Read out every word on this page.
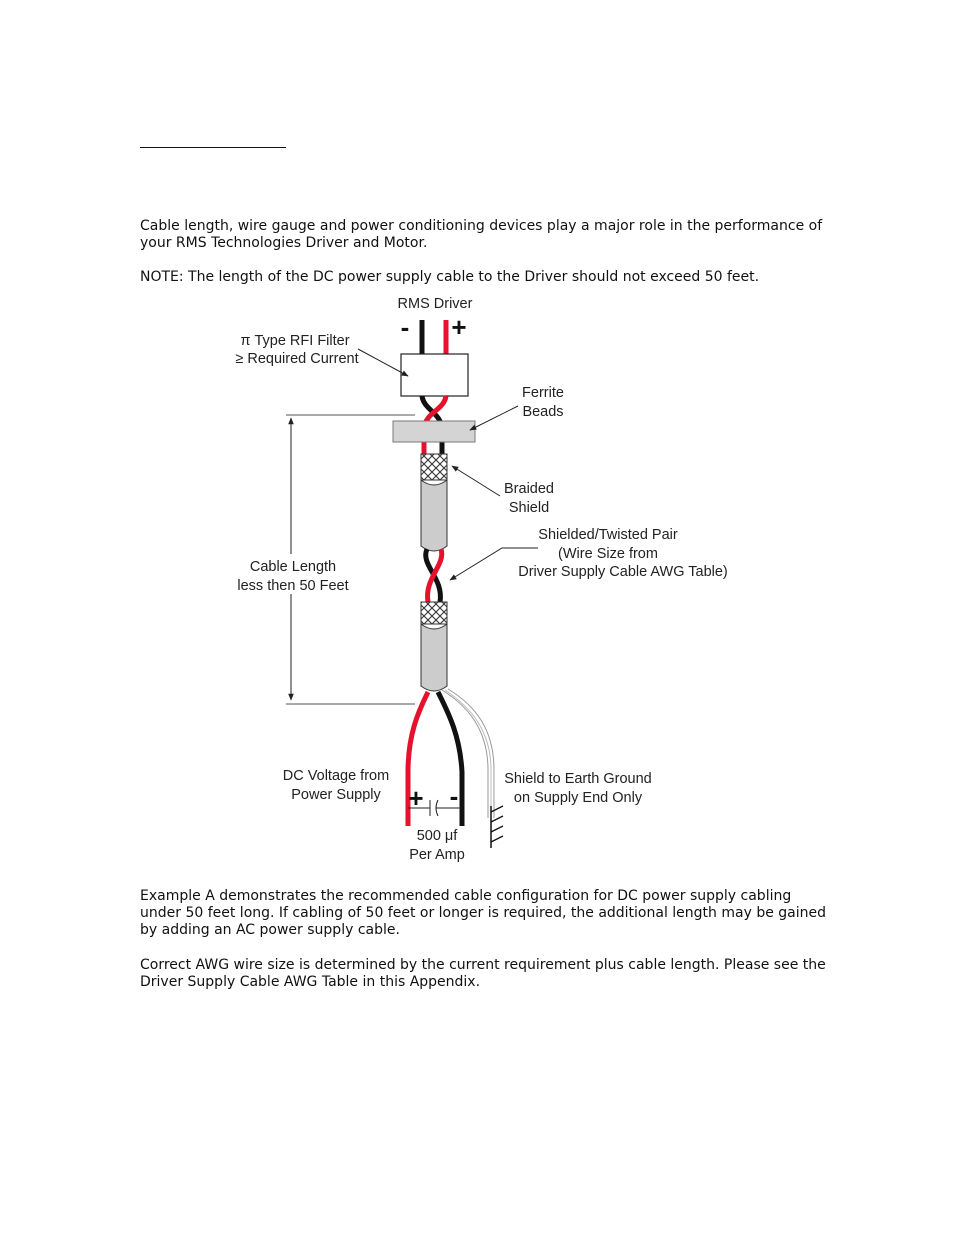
Cable length, wire gauge and power conditioning devices play a major role in the performance of your RMS Technologies Driver and Motor.

NOTE: The length of the DC power supply cable to the Driver should not exceed 50 feet.

RMS Driver
- +
π Type RFI Filter
≥ Required Current
Ferrite
Beads
Braided
Shield
Shielded/Twisted Pair
(Wire Size from
Driver Supply Cable AWG Table)
Cable Length
less then 50 Feet
+ -
500 μf
Per Amp
DC Voltage from
Power Supply
Shield to Earth Ground
on Supply End Only

Example A demonstrates the recommended cable configuration for DC power supply cabling under 50 feet long. If cabling of 50 feet or longer is required, the additional length may be gained by adding an AC power supply cable.

Correct AWG wire size is determined by the current requirement plus cable length. Please see the Driver Supply Cable AWG Table in this Appendix.
